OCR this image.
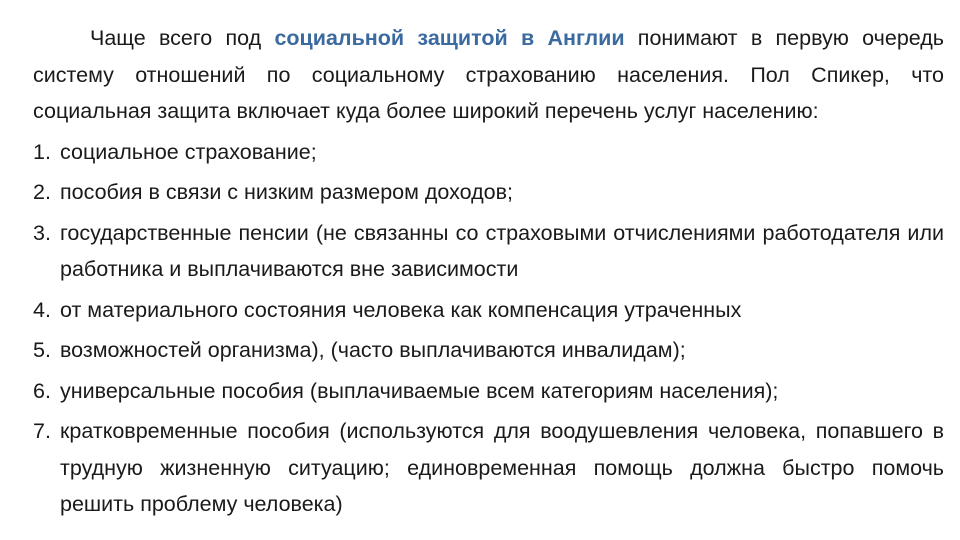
Чаще всего под социальной защитой в Англии понимают в первую очередь систему отношений по социальному страхованию населения. Пол Спикер, что социальная защита включает куда более широкий перечень услуг населению:

1. социальное страхование;
2. пособия в связи с низким размером доходов;
3. государственные пенсии (не связанны со страховыми отчислениями работодателя или работника и выплачиваются вне зависимости
4. от материального состояния человека как компенсация утраченных
5. возможностей организма), (часто выплачиваются инвалидам);
6. универсальные пособия (выплачиваемые всем категориям населения);
7. кратковременные пособия (используются для воодушевления человека, попавшего в трудную жизненную ситуацию; единовременная помощь должна быстро помочь решить проблему человека)
